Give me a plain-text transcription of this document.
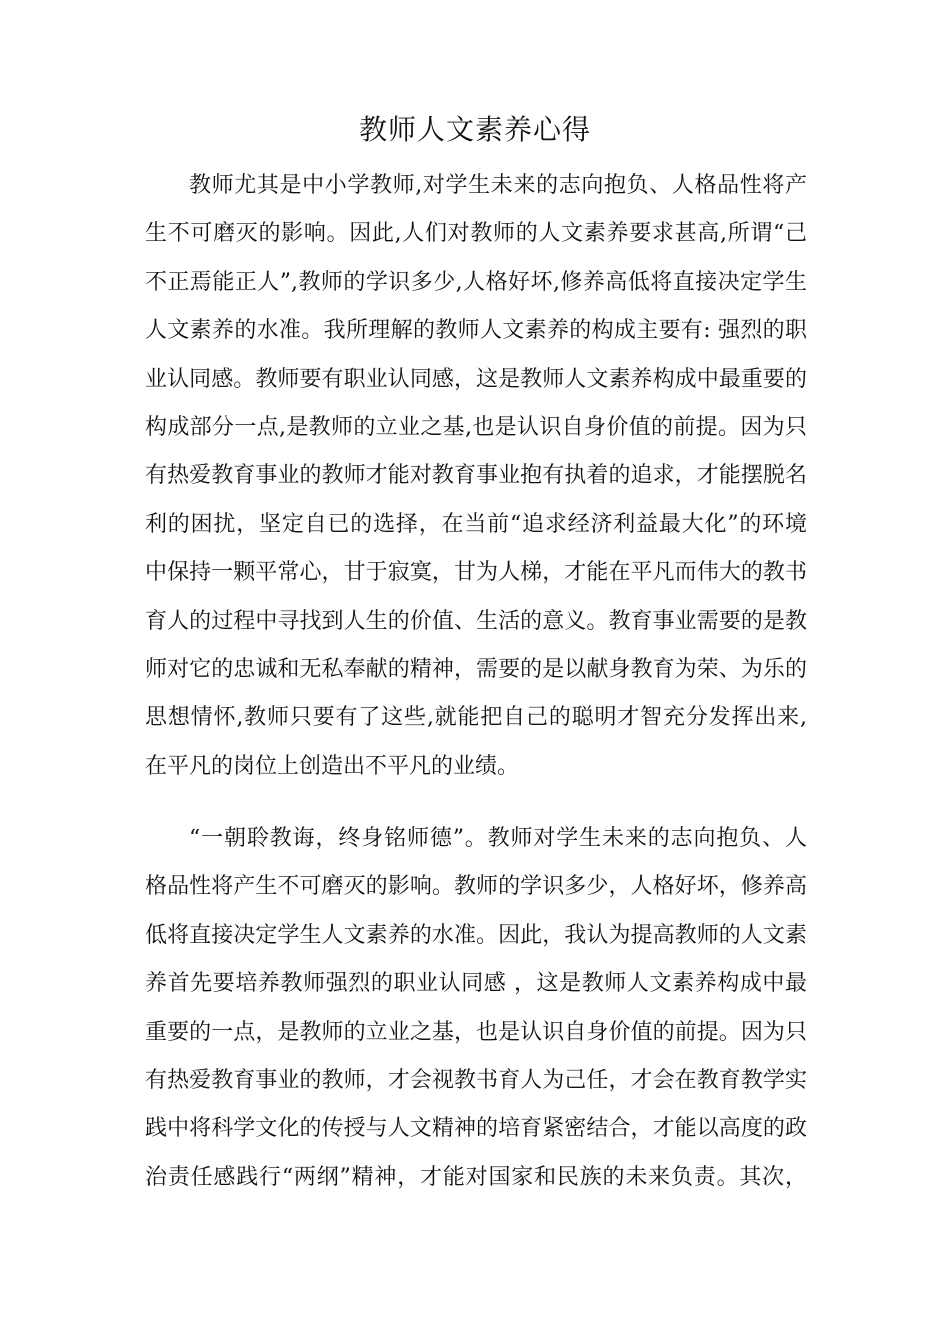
教师人文素养心得
教师尤其是中小学教师,对学生未来的志向抱负、人格品性将产
生不可磨灭的影响。因此,人们对教师的人文素养要求甚高,所谓“己
不正焉能正人”,教师的学识多少,人格好坏,修养高低将直接决定学生
人文素养的水准。我所理解的教师人文素养的构成主要有: 强烈的职
业认同感。教师要有职业认同感，这是教师人文素养构成中最重要的
构成部分一点,是教师的立业之基,也是认识自身价值的前提。因为只
有热爱教育事业的教师才能对教育事业抱有执着的追求，才能摆脱名
利的困扰，坚定自已的选择，在当前“追求经济利益最大化”的环境
中保持一颗平常心，甘于寂寞，甘为人梯，才能在平凡而伟大的教书
育人的过程中寻找到人生的价值、生活的意义。教育事业需要的是教
师对它的忠诚和无私奉献的精神，需要的是以献身教育为荣、为乐的
思想情怀,教师只要有了这些,就能把自己的聪明才智充分发挥出来,
在平凡的岗位上创造出不平凡的业绩。
“一朝聆教诲，终身铭师德”。教师对学生未来的志向抱负、人
格品性将产生不可磨灭的影响。教师的学识多少，人格好坏，修养高
低将直接决定学生人文素养的水准。因此，我认为提高教师的人文素
养首先要培养教师强烈的职业认同感 ，这是教师人文素养构成中最
重要的一点，是教师的立业之基，也是认识自身价值的前提。因为只
有热爱教育事业的教师，才会视教书育人为己任，才会在教育教学实
践中将科学文化的传授与人文精神的培育紧密结合，才能以高度的政
治责任感践行“两纲”精神，才能对国家和民族的未来负责。其次，
